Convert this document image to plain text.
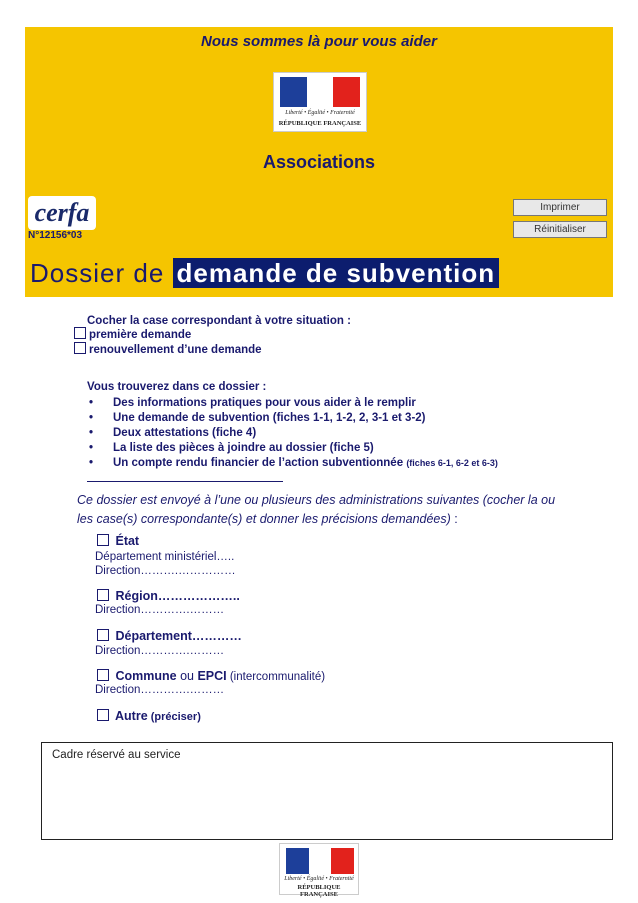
Nous sommes là pour vous aider
Liberté • Égalité • Fraternité
RÉPUBLIQUE FRANÇAISE
Associations
cerfa
N°12156*03
Imprimer
Réinitialiser
Dossier de demande de subvention
Cocher la case correspondant à votre situation :
première demande
renouvellement d’une demande
Vous trouverez dans ce dossier :
• Des informations pratiques pour vous aider à le remplir
• Une demande de subvention (fiches 1-1, 1-2, 2, 3-1 et 3-2)
• Deux attestations (fiche 4)
• La liste des pièces à joindre au dossier (fiche 5)
• Un compte rendu financier de l’action subventionnée (fiches 6-1, 6-2 et 6-3)
Ce dossier est envoyé à l’une ou plusieurs des administrations suivantes (cocher la ou les case(s) correspondante(s) et donner les précisions demandées) :
État
Département ministériel…..
Direction……….……………
Région………………..
Direction………….………
Département…………
Direction………….………
Commune ou EPCI (intercommunalité)
Direction………….………
Autre (préciser)
Cadre réservé au service
Liberté • Égalité • Fraternité
RÉPUBLIQUE FRANÇAISE
